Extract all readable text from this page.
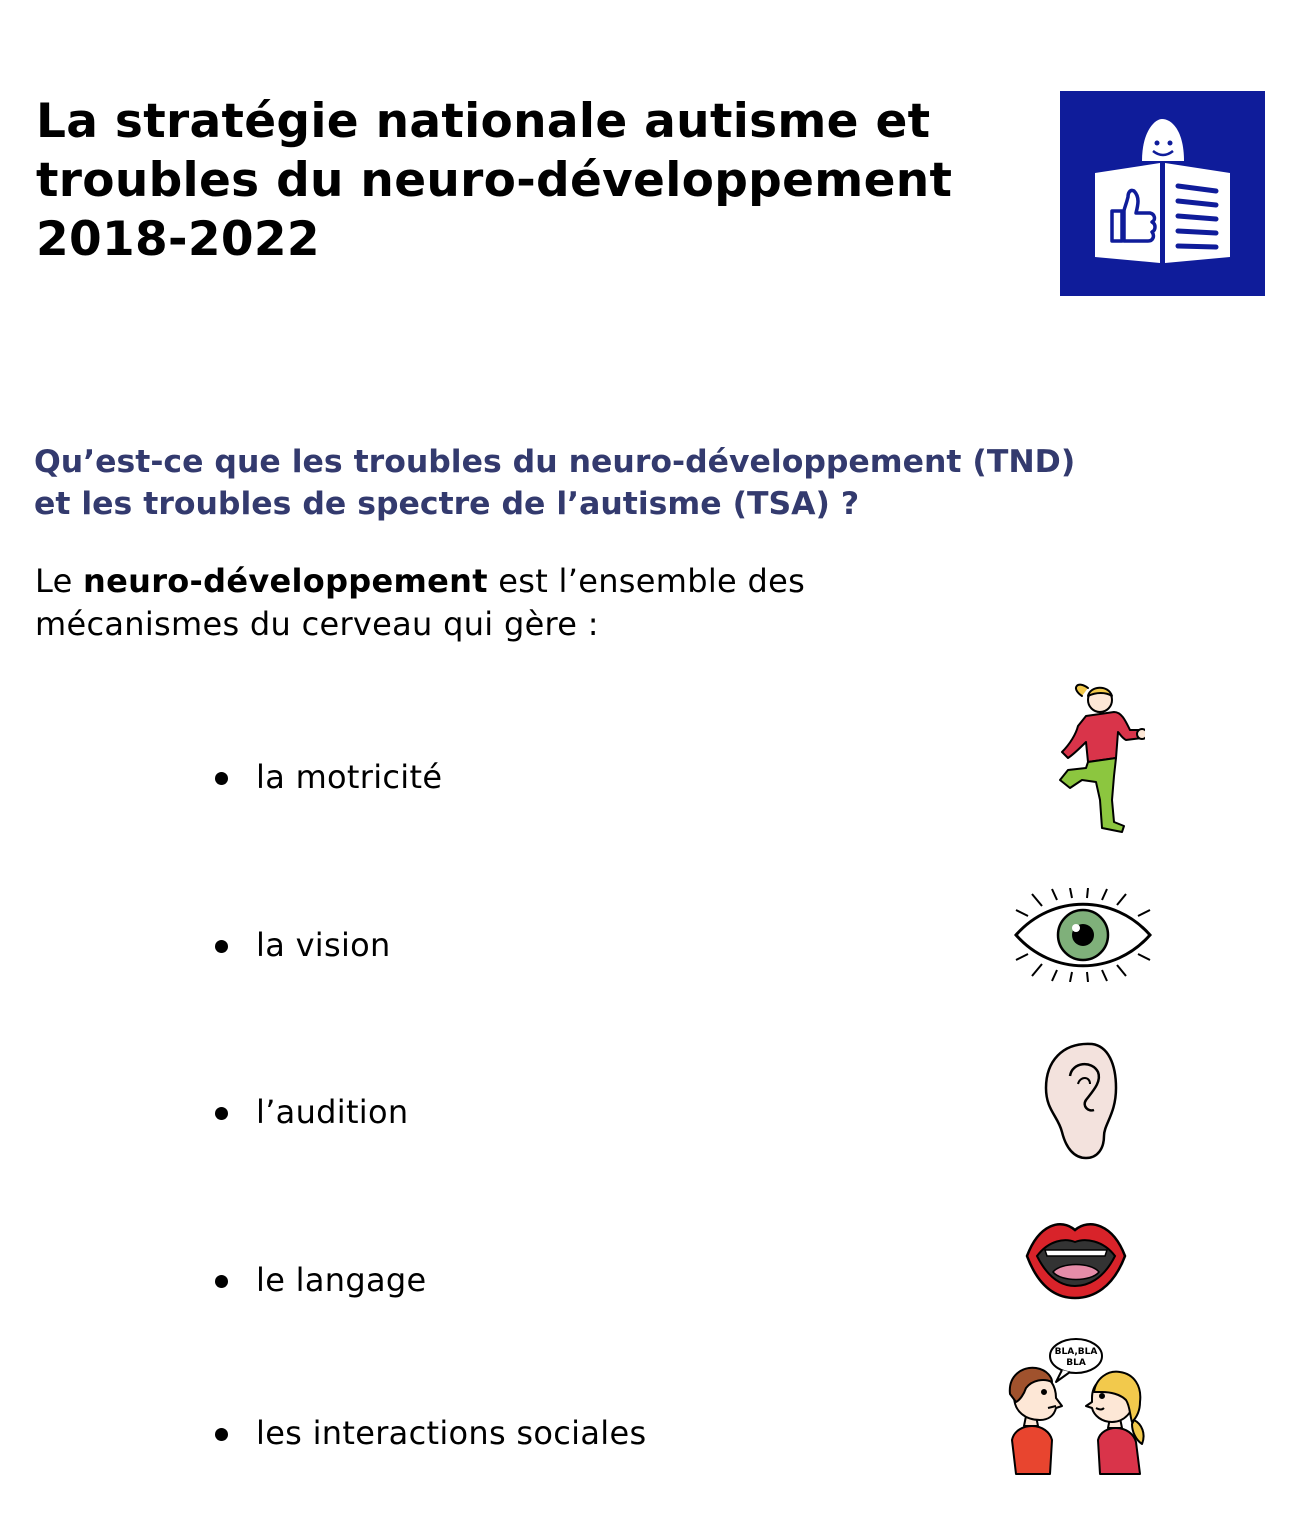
La stratégie nationale autisme et
troubles du neuro-développement
2018-2022
Qu’est-ce que les troubles du neuro-développement (TND)
et les troubles de spectre de l’autisme (TSA) ?

Le neuro-développement est l’ensemble des
mécanismes du cerveau qui gère :

la motricité
la vision
l’audition
le langage
les interactions sociales
BLA,BLA
BLA
